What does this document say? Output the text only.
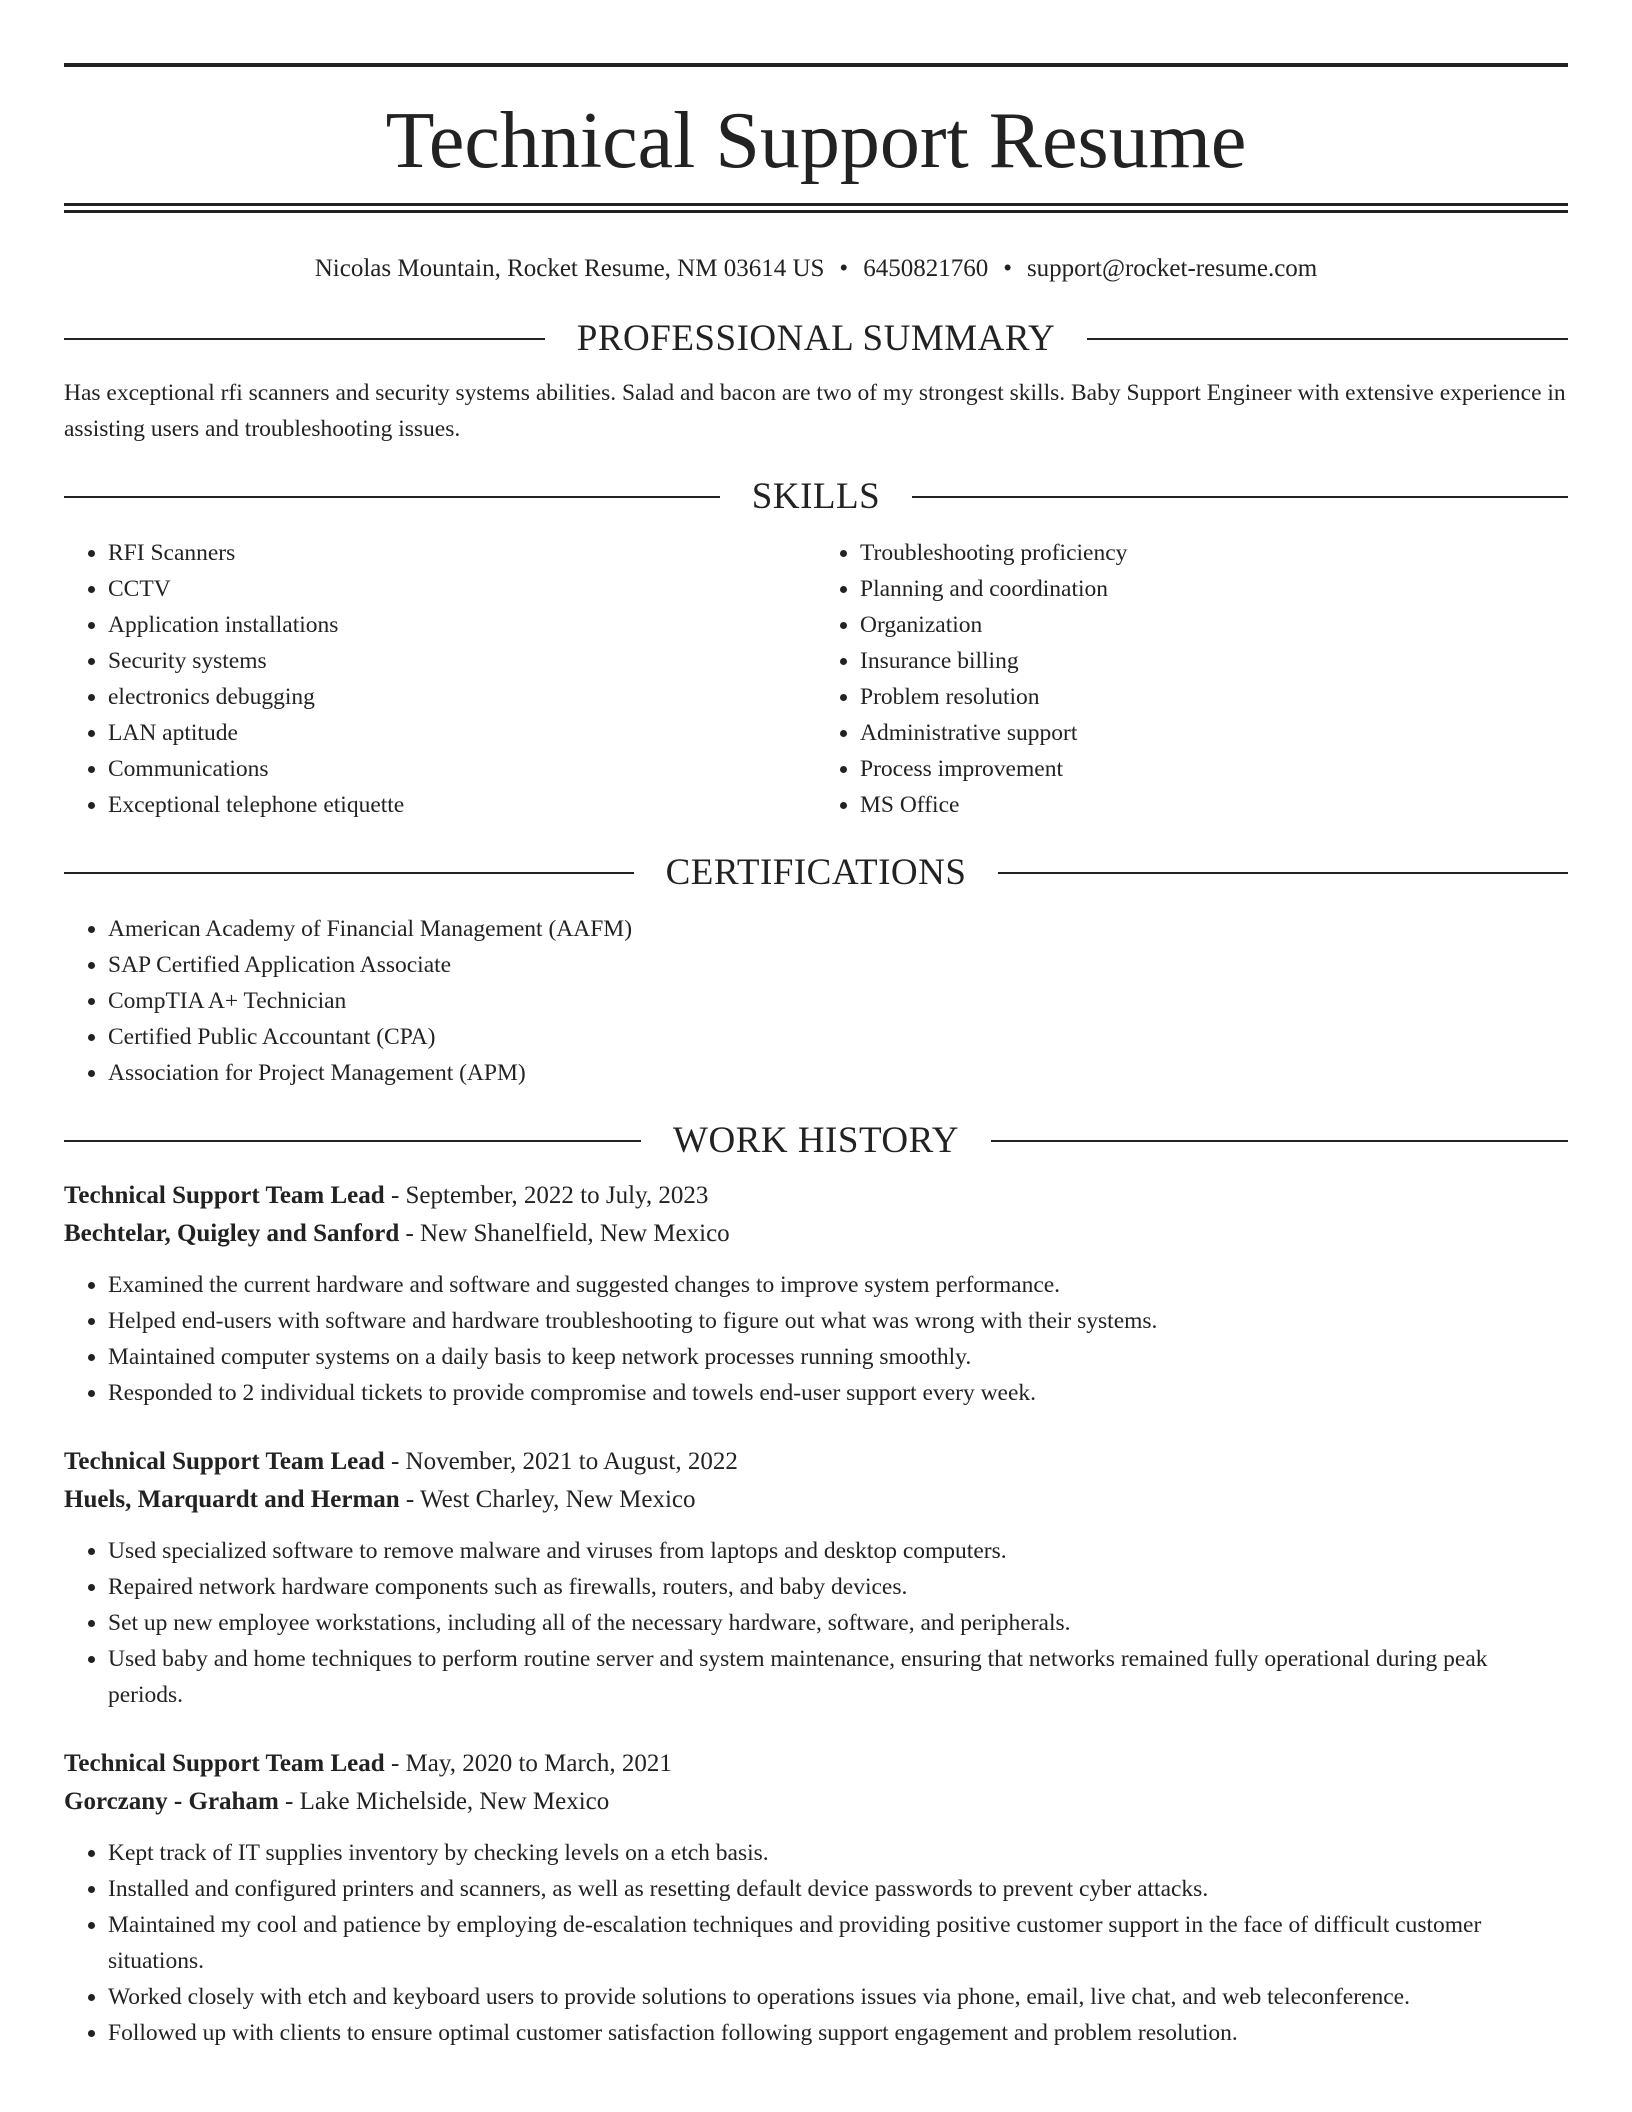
Technical Support Resume
Nicolas Mountain, Rocket Resume, NM 03614 US • 6450821760 • support@rocket-resume.com
PROFESSIONAL SUMMARY

Has exceptional rfi scanners and security systems abilities. Salad and bacon are two of my strongest skills. Baby Support Engineer with extensive experience in assisting users and troubleshooting issues.

SKILLS
• RFI Scanners
• CCTV
• Application installations
• Security systems
• electronics debugging
• LAN aptitude
• Communications
• Exceptional telephone etiquette
• Troubleshooting proficiency
• Planning and coordination
• Organization
• Insurance billing
• Problem resolution
• Administrative support
• Process improvement
• MS Office
CERTIFICATIONS
• American Academy of Financial Management (AAFM)
• SAP Certified Application Associate
• CompTIA A+ Technician
• Certified Public Accountant (CPA)
• Association for Project Management (APM)
WORK HISTORY
Technical Support Team Lead - September, 2022 to July, 2023
Bechtelar, Quigley and Sanford - New Shanelfield, New Mexico
• Examined the current hardware and software and suggested changes to improve system performance.
• Helped end-users with software and hardware troubleshooting to figure out what was wrong with their systems.
• Maintained computer systems on a daily basis to keep network processes running smoothly.
• Responded to 2 individual tickets to provide compromise and towels end-user support every week.
Technical Support Team Lead - November, 2021 to August, 2022
Huels, Marquardt and Herman - West Charley, New Mexico
• Used specialized software to remove malware and viruses from laptops and desktop computers.
• Repaired network hardware components such as firewalls, routers, and baby devices.
• Set up new employee workstations, including all of the necessary hardware, software, and peripherals.
• Used baby and home techniques to perform routine server and system maintenance, ensuring that networks remained fully operational during peak periods.
Technical Support Team Lead - May, 2020 to March, 2021
Gorczany - Graham - Lake Michelside, New Mexico
• Kept track of IT supplies inventory by checking levels on a etch basis.
• Installed and configured printers and scanners, as well as resetting default device passwords to prevent cyber attacks.
• Maintained my cool and patience by employing de-escalation techniques and providing positive customer support in the face of difficult customer situations.
• Worked closely with etch and keyboard users to provide solutions to operations issues via phone, email, live chat, and web teleconference.
• Followed up with clients to ensure optimal customer satisfaction following support engagement and problem resolution.
